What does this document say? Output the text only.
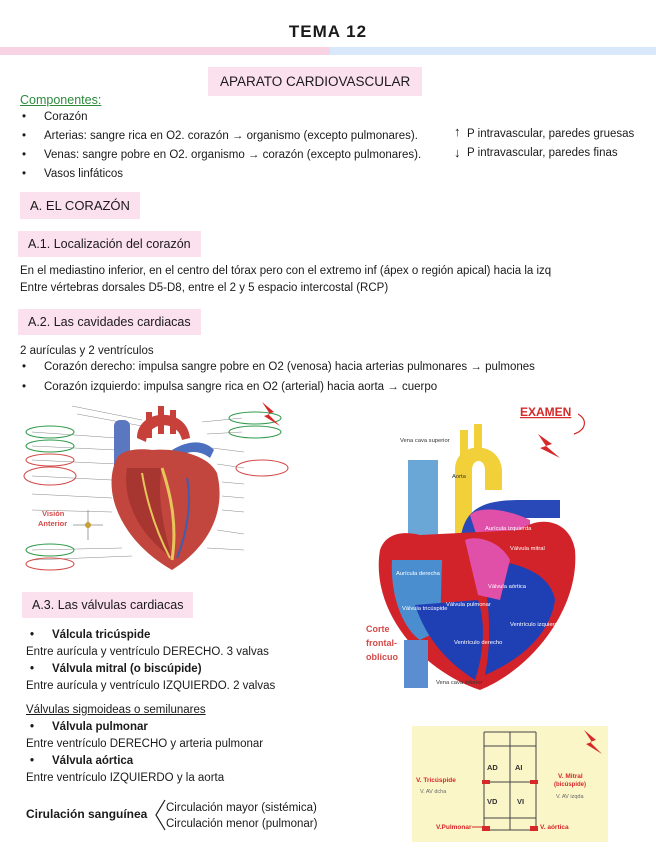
TEMA 12
APARATO CARDIOVASCULAR
Componentes:
• Corazón
• Arterias: sangre rica en O2. corazón → organismo (excepto pulmonares).
• Venas: sangre pobre en O2. organismo → corazón (excepto pulmonares).
• Vasos linfáticos
↑ P intravascular, paredes gruesas
↓ P intravascular, paredes finas
A. EL CORAZÓN
A.1. Localización del corazón
En el mediastino inferior, en el centro del tórax pero con el extremo inf (ápex o región apical) hacia la izq
Entre vértebras dorsales D5-D8, entre el 2 y 5 espacio intercostal (RCP)
A.2. Las cavidades cardiacas
2 aurículas y 2 ventrículos
• Corazón derecho: impulsa sangre pobre en O2 (venosa) hacia arterias pulmonares → pulmones
• Corazón izquierdo: impulsa sangre rica en O2 (arterial) hacia aorta → cuerpo
Visión
Anterior
EXAMEN
Aorta
Arteria pulmonar
Aurícula izquierda
Válvula mitral
Aurícula derecha
Válvula aórtica
Válvula tricúspide
Válvula pulmonar
Ventrículo izquierdo
Ventrículo derecho
Vena cava superior
Vena cava inferior
Corte
frontal-
oblicuo
A.3. Las válvulas cardiacas
• Válcula tricúspide
Entre aurícula y ventrículo DERECHO. 3 valvas
• Válvula mitral (o biscúpide)
Entre aurícula y ventrículo IZQUIERDO. 2 valvas
Válvulas sigmoideas o semilunares
• Válvula pulmonar
Entre ventrículo DERECHO y arteria pulmonar
• Válvula aórtica
Entre ventrículo IZQUIERDO y la aorta
Cirulación sanguínea Circulación mayor (sistémica)
Circulación menor (pulmonar)
AD AI
VD	VI
V. Tricúspide
V. AV dcha
V. Mitral
(bicúspide)
V. AV izqda
V.Pulmonar	V. aórtica
